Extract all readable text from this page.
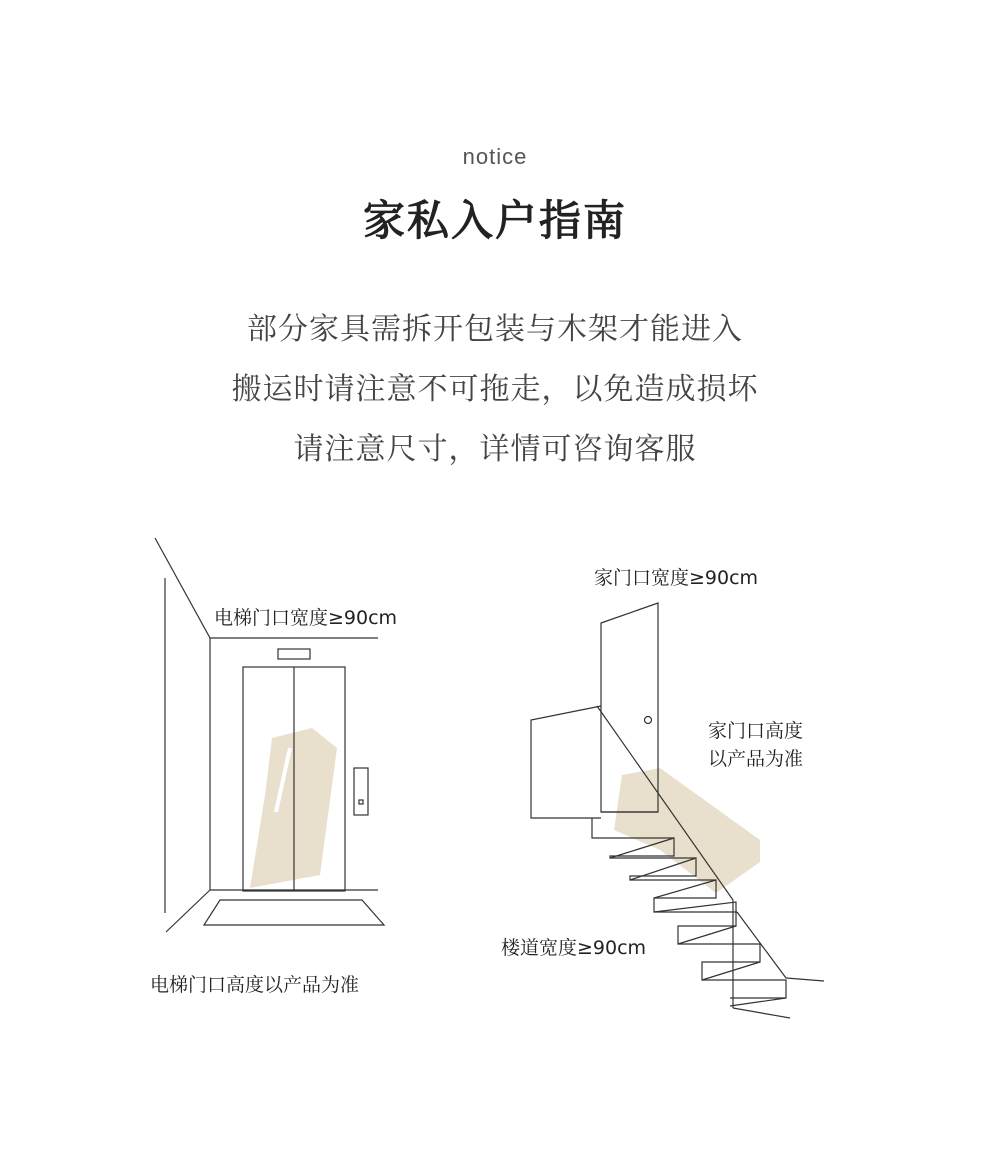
notice
家私入户指南
部分家具需拆开包装与木架才能进入
搬运时请注意不可拖走，以免造成损坏
请注意尺寸，详情可咨询客服
电梯门口宽度≥90cm
电梯门口高度以产品为准
家门口宽度≥90cm
家门口高度
以产品为准
楼道宽度≥90cm
